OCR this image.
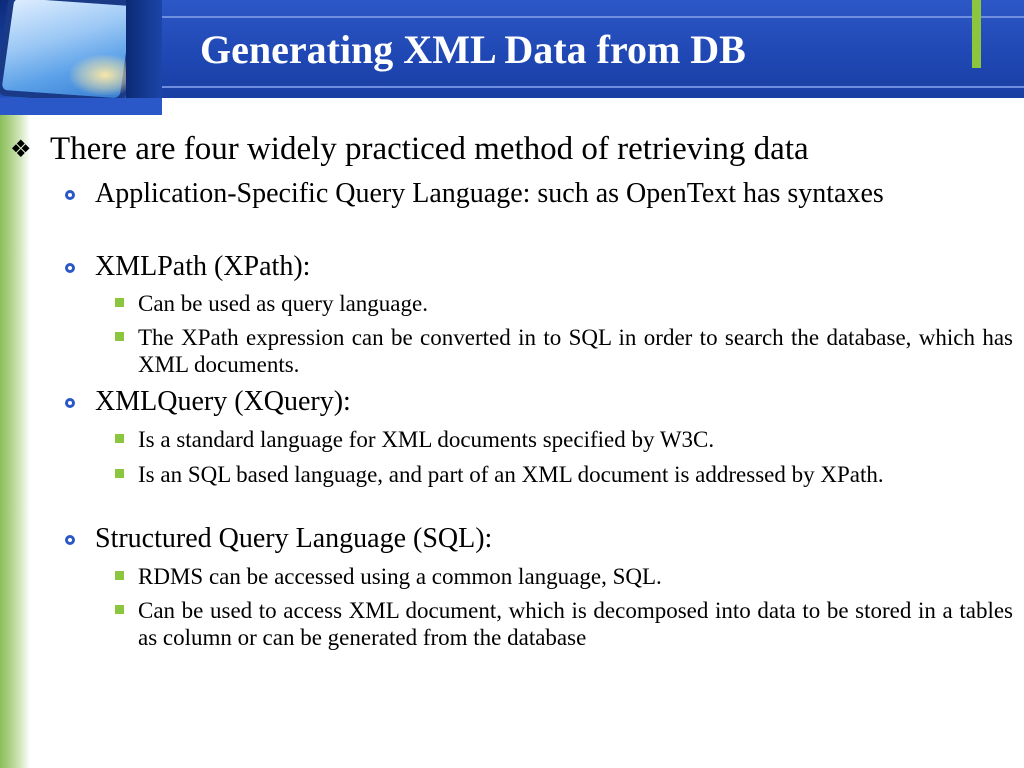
Generating XML Data from DB
❖ There are four widely practiced method of retrieving data
Application-Specific Query Language: such as OpenText has syntaxes
XMLPath (XPath):
Can be used as query language.
The XPath expression can be converted in to SQL in order to search the database, which has XML documents.
XMLQuery (XQuery):
Is a standard language for XML documents specified by W3C.
Is an SQL based language, and part of an XML document is addressed by XPath.
Structured Query Language (SQL):
RDMS can be accessed using a common language, SQL.
Can be used to access XML document, which is decomposed into data to be stored in a tables as column or can be generated from the database
